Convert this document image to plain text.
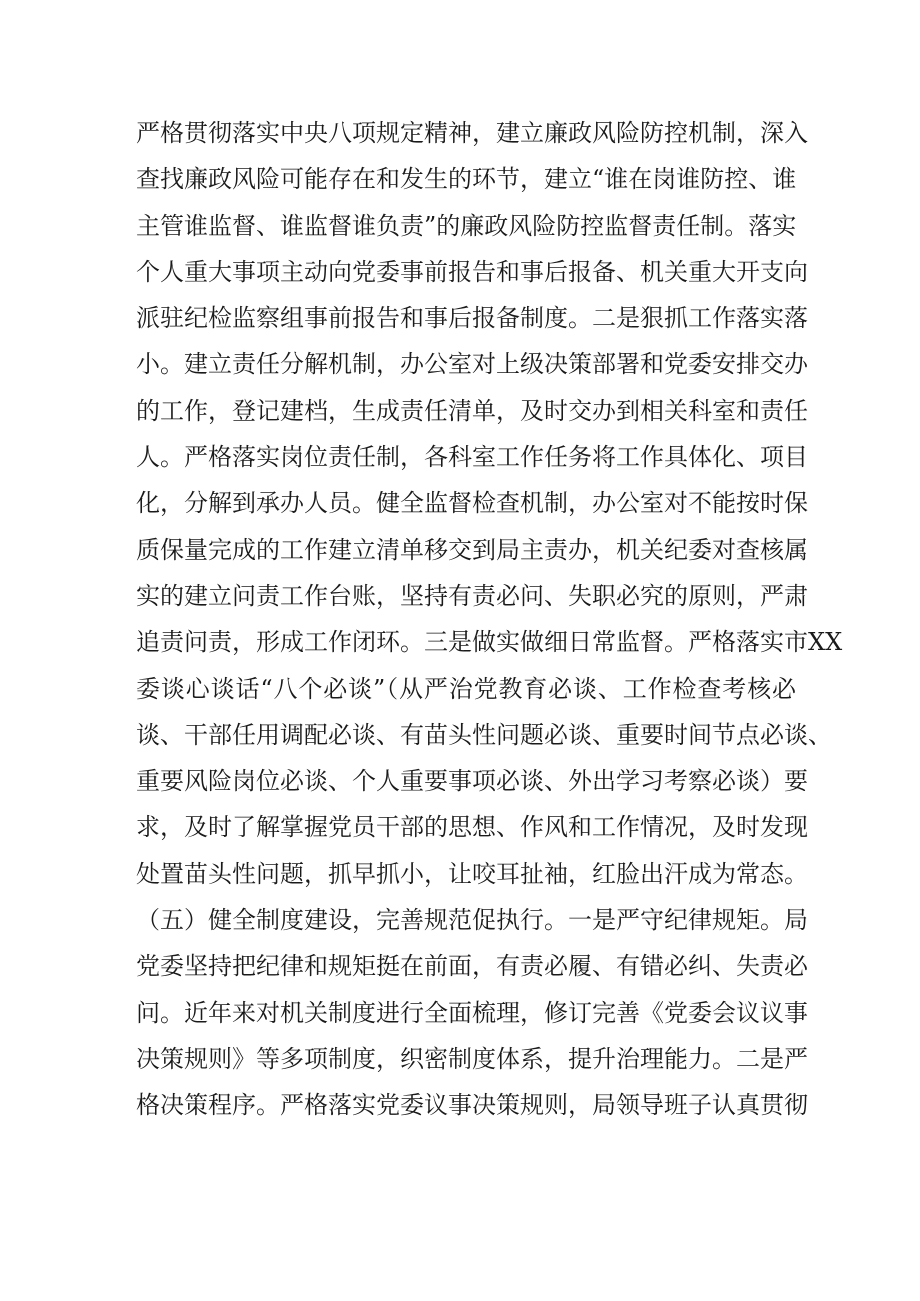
严格贯彻落实中央八项规定精神，建立廉政风险防控机制，深入
查找廉政风险可能存在和发生的环节，建立“谁在岗谁防控、谁
主管谁监督、谁监督谁负责”的廉政风险防控监督责任制。落实
个人重大事项主动向党委事前报告和事后报备、机关重大开支向
派驻纪检监察组事前报告和事后报备制度。二是狠抓工作落实落
小。建立责任分解机制，办公室对上级决策部署和党委安排交办
的工作，登记建档，生成责任清单，及时交办到相关科室和责任
人。严格落实岗位责任制，各科室工作任务将工作具体化、项目
化，分解到承办人员。健全监督检查机制，办公室对不能按时保
质保量完成的工作建立清单移交到局主责办，机关纪委对查核属
实的建立问责工作台账，坚持有责必问、失职必究的原则，严肃
追责问责，形成工作闭环。三是做实做细日常监督。严格落实市XX
委谈心谈话“八个必谈”（从严治党教育必谈、工作检查考核必
谈、干部任用调配必谈、有苗头性问题必谈、重要时间节点必谈、
重要风险岗位必谈、个人重要事项必谈、外出学习考察必谈）要
求，及时了解掌握党员干部的思想、作风和工作情况，及时发现
处置苗头性问题，抓早抓小，让咬耳扯袖，红脸出汗成为常态。
（五）健全制度建设，完善规范促执行。一是严守纪律规矩。局
党委坚持把纪律和规矩挺在前面，有责必履、有错必纠、失责必
问。近年来对机关制度进行全面梳理，修订完善《党委会议议事
决策规则》等多项制度，织密制度体系，提升治理能力。二是严
格决策程序。严格落实党委议事决策规则，局领导班子认真贯彻
